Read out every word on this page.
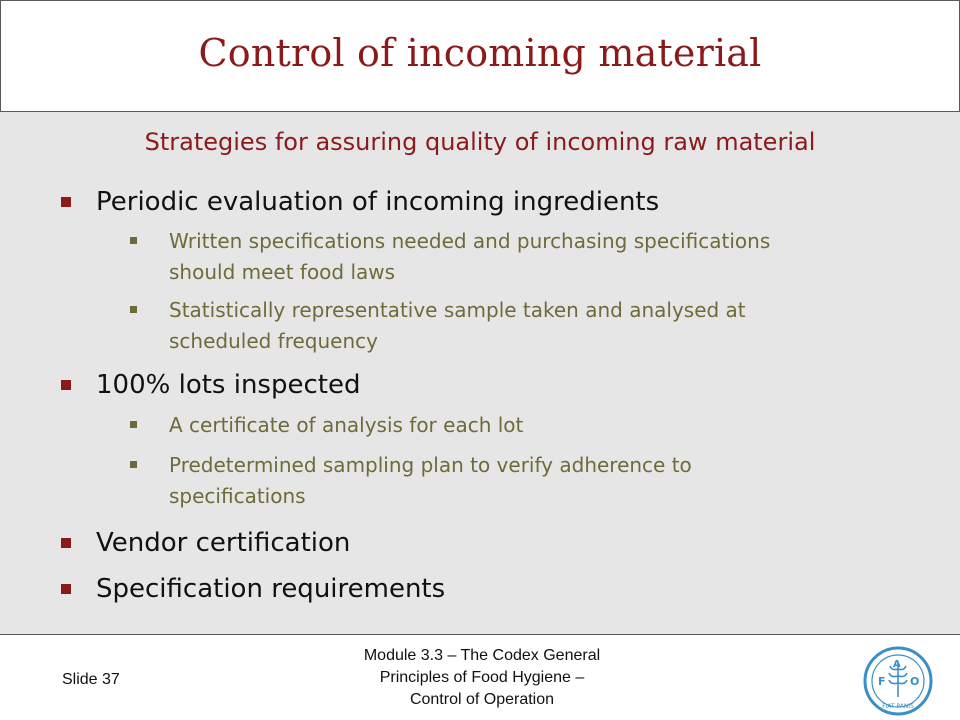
Control of incoming material
Strategies for assuring quality of incoming raw material
Periodic evaluation of incoming ingredients
Written specifications needed and purchasing specifications
should meet food laws
Statistically representative sample taken and analysed at
scheduled frequency
100% lots inspected
A certificate of analysis for each lot
Predetermined sampling plan to verify adherence to
specifications
Vendor certification
Specification requirements
Slide 37
Module 3.3 – The Codex General
Principles of Food Hygiene –
Control of Operation
F
A
O
FIAT PANIS
